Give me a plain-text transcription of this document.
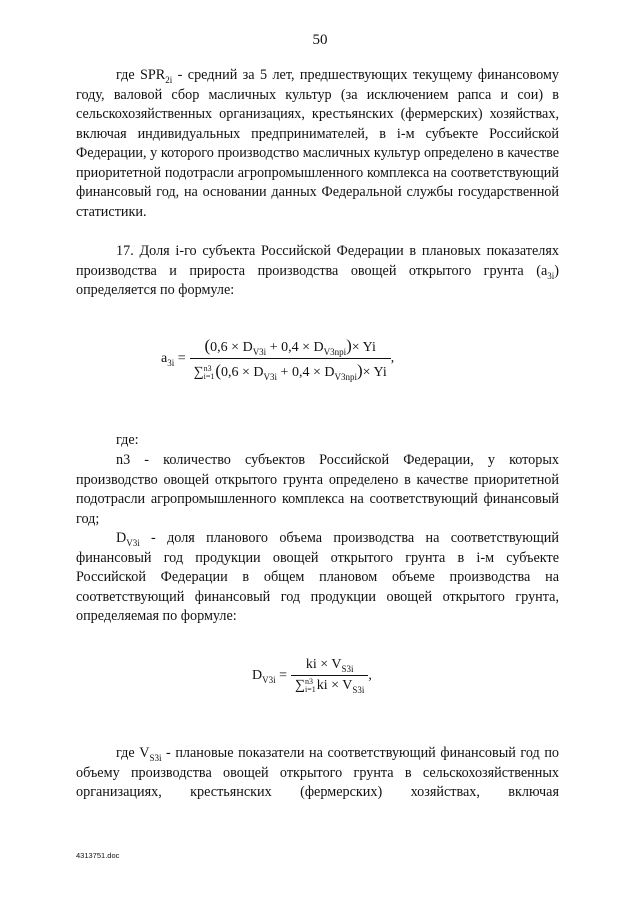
50
где $SPR_{2i}$ - средний за 5 лет, предшествующих текущему финансовому году, валовой сбор масличных культур (за исключением рапса и сои) в сельскохозяйственных организациях, крестьянских (фермерских) хозяйствах, включая индивидуальных предпринимателей, в i-м субъекте Российской Федерации, у которого производство масличных культур определено в качестве приоритетной подотрасли агропромышленного комплекса на соответствующий финансовый год, на основании данных Федеральной службы государственной статистики.
17. Доля i-го субъекта Российской Федерации в плановых показателях производства и прироста производства овощей открытого грунта $(a_{3i})$ определяется по формуле:
$a_{3i}$ =
$(0,6 \times D_{V3i} + 0,4 \times D_{V3npi})\times Yi$
∑n3
$i=1(0,6 \times D_{V3i} + 0,4 \times D_{V3npi})\times Yi$
,
где:
n3 - количество субъектов Российской Федерации, у которых производство овощей открытого грунта определено в качестве приоритетной подотрасли агропромышленного комплекса на соответствующий финансовый год;
$D_{V3i}$ - доля планового объема производства на соответствующий финансовый год продукции овощей открытого грунта в i-м субъекте Российской Федерации в общем плановом объеме производства на соответствующий финансовый год продукции овощей открытого грунта, определяемая по формуле:
$D_{V3i}$ =
ki × $V_{S3i}$
∑n3
$i=1ki \times V_{S3i}$
,
где $V_{S3i}$ - плановые показатели на соответствующий финансовый год по объему производства овощей открытого грунта в сельскохозяйственных организациях, крестьянских (фермерских) хозяйствах, включая
4313751.doc
